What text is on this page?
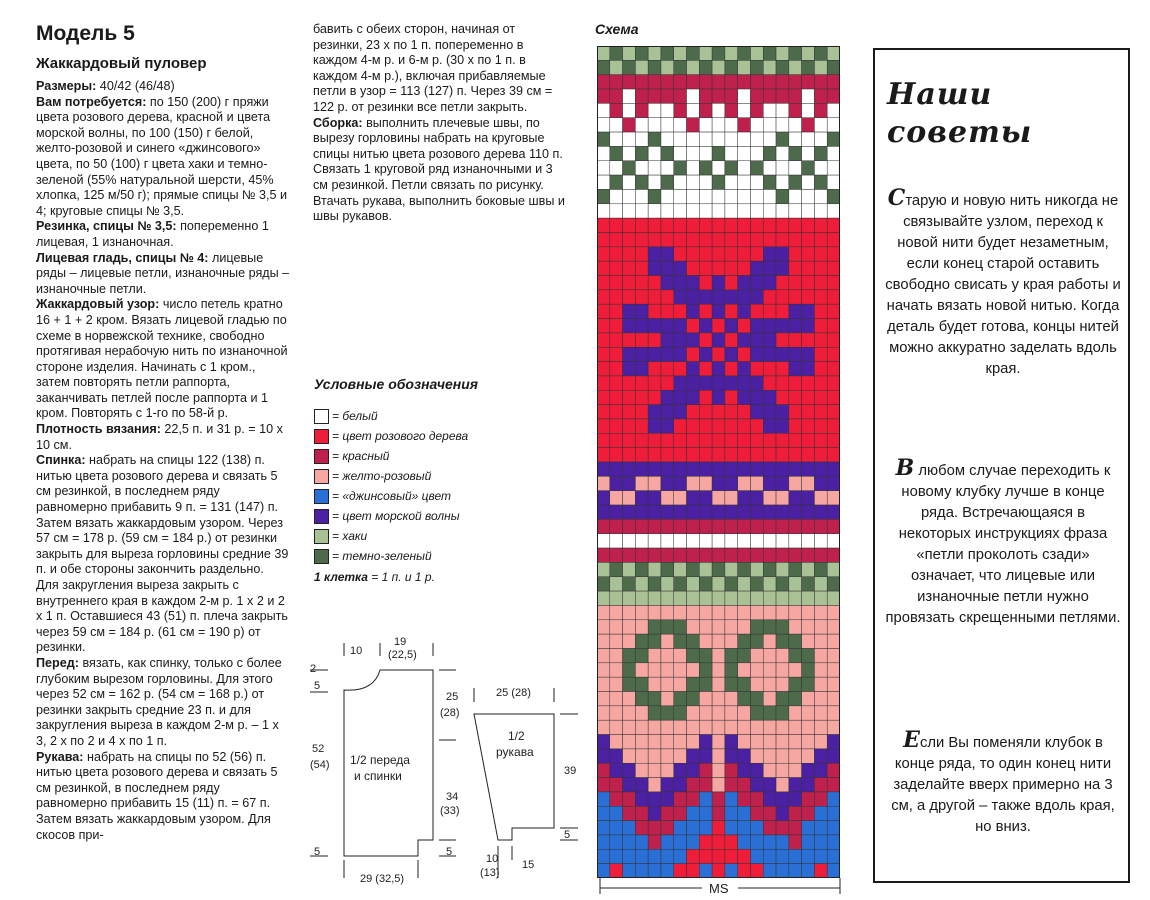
Модель 5
Жаккардовый пуловер

Размеры: 40/42 (46/48)

Вам потребуется: по 150 (200) г пряжи цвета розового дерева, красной и цвета морской волны, по 100 (150) г белой, желто-розовой и синего «джинсового» цвета, по 50 (100) г цвета хаки и темно-зеленой (55% натуральной шерсти, 45% хлопка, 125 м/50 г); прямые спицы № 3,5 и 4; круговые спицы № 3,5.

Резинка, спицы № 3,5: попеременно 1 лицевая, 1 изнаночная.

Лицевая гладь, спицы № 4: лицевые ряды – лицевые петли, изнаночные ряды – изнаночные петли.

Жаккардовый узор: число петель кратно 16 + 1 + 2 кром. Вязать лицевой гладью по схеме в норвежской технике, свободно протягивая нерабочую нить по изнаночной стороне изделия. Начинать с 1 кром., затем повторять петли раппорта, заканчивать петлей после раппорта и 1 кром. Повторять с 1-го по 58-й р.

Плотность вязания: 22,5 п. и 31 р. = 10 х 10 см.

Спинка: набрать на спицы 122 (138) п. нитью цвета розового дерева и связать 5 см резинкой, в последнем ряду равномерно прибавить 9 п. = 131 (147) п. Затем вязать жаккардовым узором. Через 57 см = 178 р. (59 см = 184 р.) от резинки закрыть для выреза горловины средние 39 п. и обе стороны закончить раздельно. Для закругления выреза закрыть с внутреннего края в каждом 2-м р. 1 х 2 и 2 х 1 п. Оставшиеся 43 (51) п. плеча закрыть через 59 см = 184 р. (61 см = 190 р) от резинки.

Перед: вязать, как спинку, только с более глубоким вырезом горловины. Для этого через 52 см = 162 р. (54 см = 168 р.) от резинки закрыть средние 23 п. и для закругления выреза в каждом 2-м р. – 1 х 3, 2 х по 2 и 4 х по 1 п.

Рукава: набрать на спицы по 52 (56) п. нитью цвета розового дерева и связать 5 см резинкой, в последнем ряду равномерно прибавить 15 (11) п. = 67 п. Затем вязать жаккардовым узором. Для скосов при-

бавить с обеих сторон, начиная от резинки, 23 х по 1 п. попеременно в каждом 4-м р. и 6-м р. (30 х по 1 п. в каждом 4-м р.), включая прибавляемые петли в узор = 113 (127) п. Через 39 см = 122 р. от резинки все петли закрыть.

Сборка: выполнить плечевые швы, по вырезу горловины набрать на круговые спицы нитью цвета розового дерева 110 п. Связать 1 круговой ряд изнаночными и 3 см резинкой. Петли связать по рисунку. Втачать рукава, выполнить боковые швы и швы рукавов.

Условные обозначения
= белый
= цвет розового дерева
= красный
= желто-розовый
= «джинсовый» цвет
= цвет морской волны
= хаки
= темно-зеленый
1 клетка = 1 п. и 1 р.
10
19
(22,5)
2
5
52
(54) 1/2 переда
и спинки
25
(28)
34
(33)
5	5
29 (32,5)
25 (28)
1/2
рукава
39
5
10
(13)
15
Схема
MS
Наши
советы
Старую и новую нить никогда не связывайте узлом, переход к новой нити будет незаметным, если конец старой оставить свободно свисать у края работы и начать вязать новой нитью. Когда деталь будет готова, концы нитей можно аккуратно заделать вдоль края.
В любом случае переходить к новому клубку лучше в конце ряда. Встречающаяся в некоторых инструкциях фраза «петли проколоть сзади» означает, что лицевые или изнаночные петли нужно провязать скрещенными петлями.
Если Вы поменяли клубок в конце ряда, то один конец нити заделайте вверх примерно на 3 см, а другой – также вдоль края, но вниз.
